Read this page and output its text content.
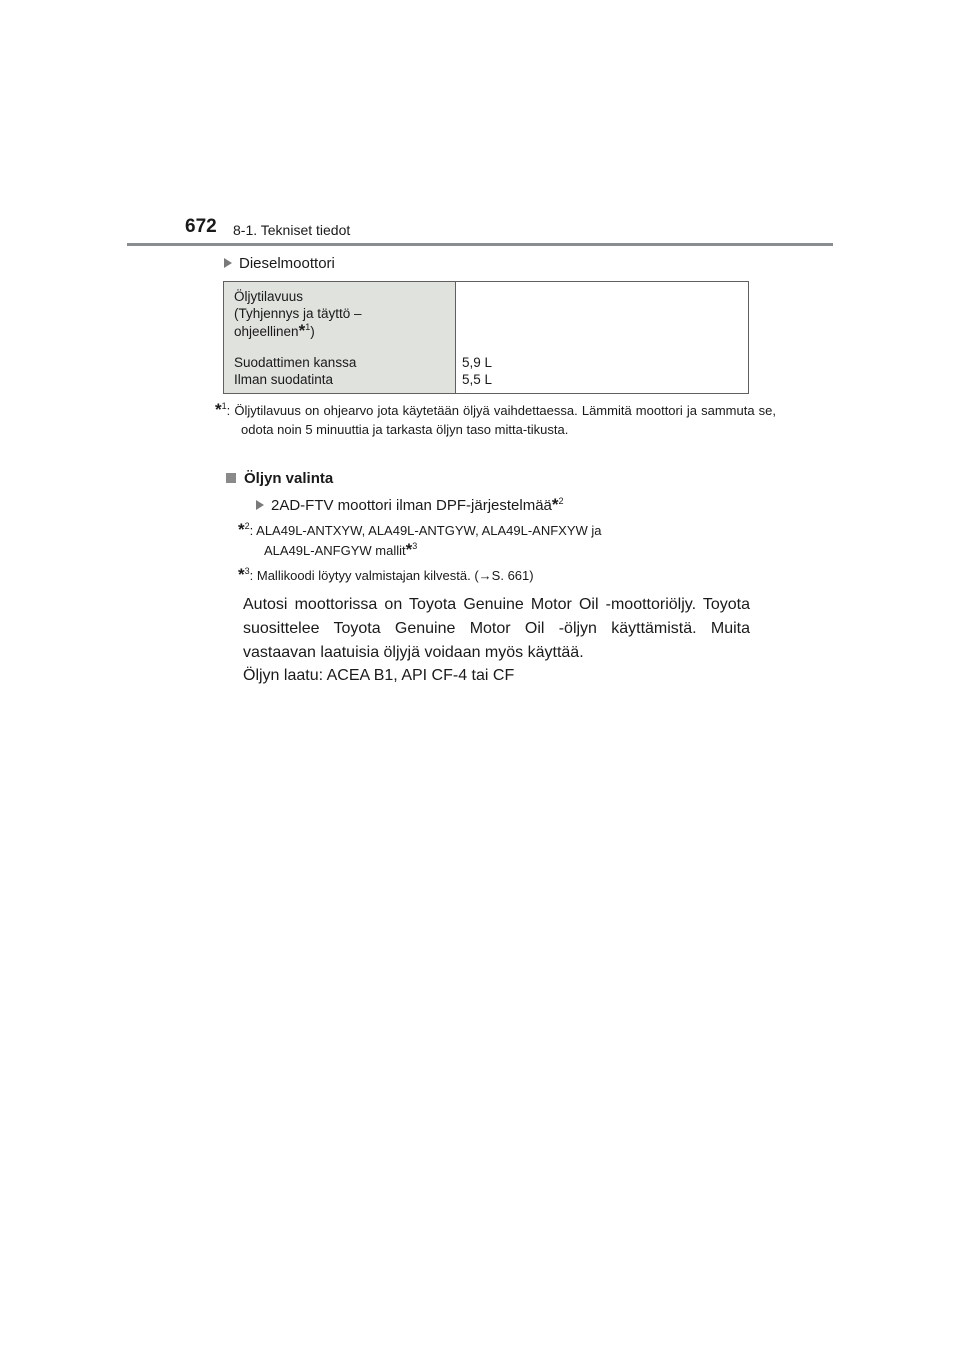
672 8-1. Tekniset tiedot
Dieselmoottori
Öljytilavuus
(Tyhjennys ja täyttö –
ohjeellinen*$^1$)
Suodattimen kanssa
Ilman suodatinta
5,9 L
5,5 L
*$^1$: Öljytilavuus on ohjearvo jota käytetään öljyä vaihdettaessa. Lämmitä moottori ja sammuta se, odota noin 5 minuuttia ja tarkasta öljyn taso mitta-tikusta.
Öljyn valinta
2AD-FTV moottori ilman DPF-järjestelmää*$^2$
*$^2$: ALA49L-ANTXYW, ALA49L-ANTGYW, ALA49L-ANFXYW ja
ALA49L-ANFGYW mallit*$^3$
*$^3$: Mallikoodi löytyy valmistajan kilvestä. (→S. 661)
Autosi moottorissa on Toyota Genuine Motor Oil -moottoriöljy. Toyota suosittelee Toyota Genuine Motor Oil -öljyn käyttämistä. Muita vastaavan laatuisia öljyjä voidaan myös käyttää.
Öljyn laatu: ACEA B1, API CF-4 tai CF
